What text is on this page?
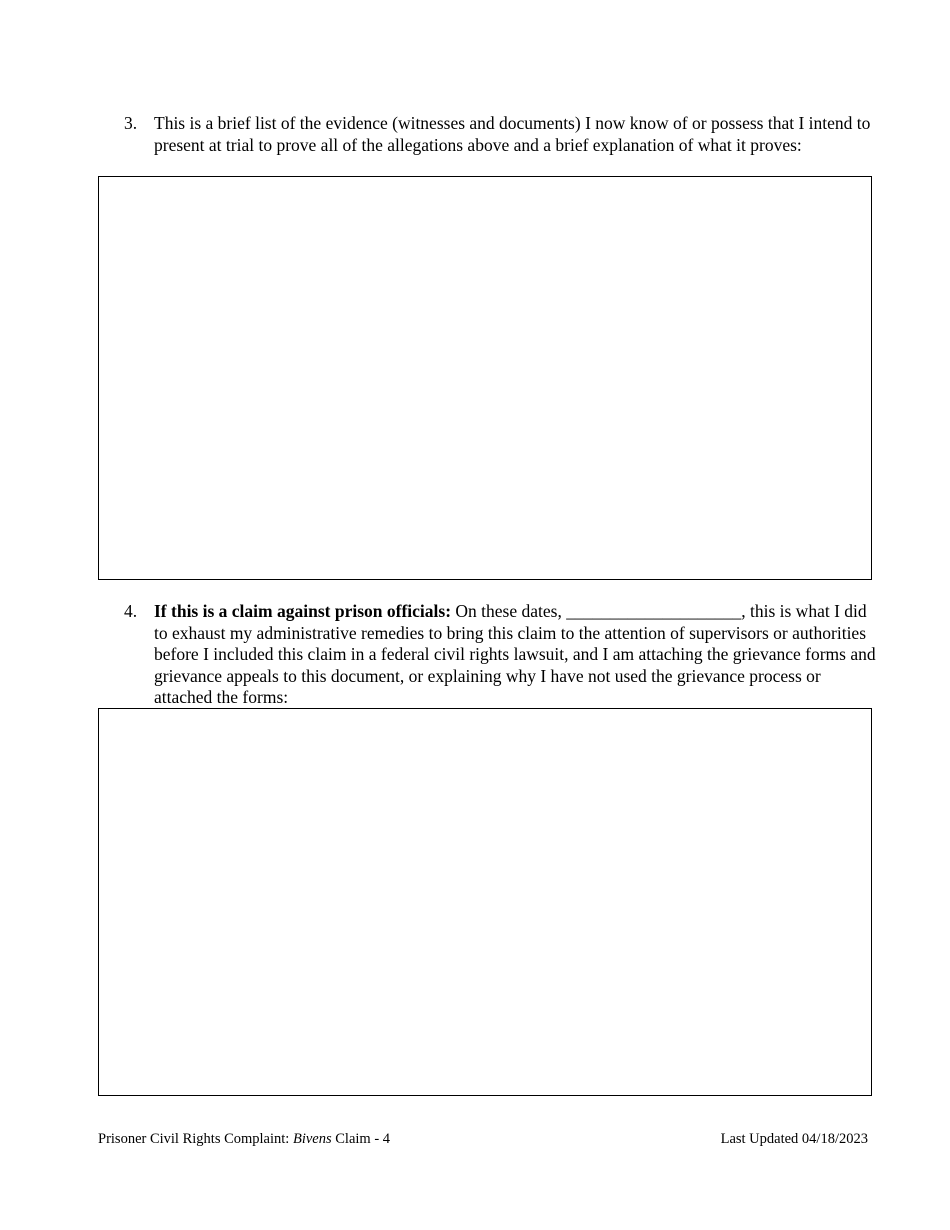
3. This is a brief list of the evidence (witnesses and documents) I now know of or possess that I intend to present at trial to prove all of the allegations above and a brief explanation of what it proves:
4. If this is a claim against prison officials: On these dates, ____________________, this is what I did to exhaust my administrative remedies to bring this claim to the attention of supervisors or authorities before I included this claim in a federal civil rights lawsuit, and I am attaching the grievance forms and grievance appeals to this document, or explaining why I have not used the grievance process or attached the forms:
Prisoner Civil Rights Complaint: Bivens Claim - 4	Last Updated 04/18/2023
